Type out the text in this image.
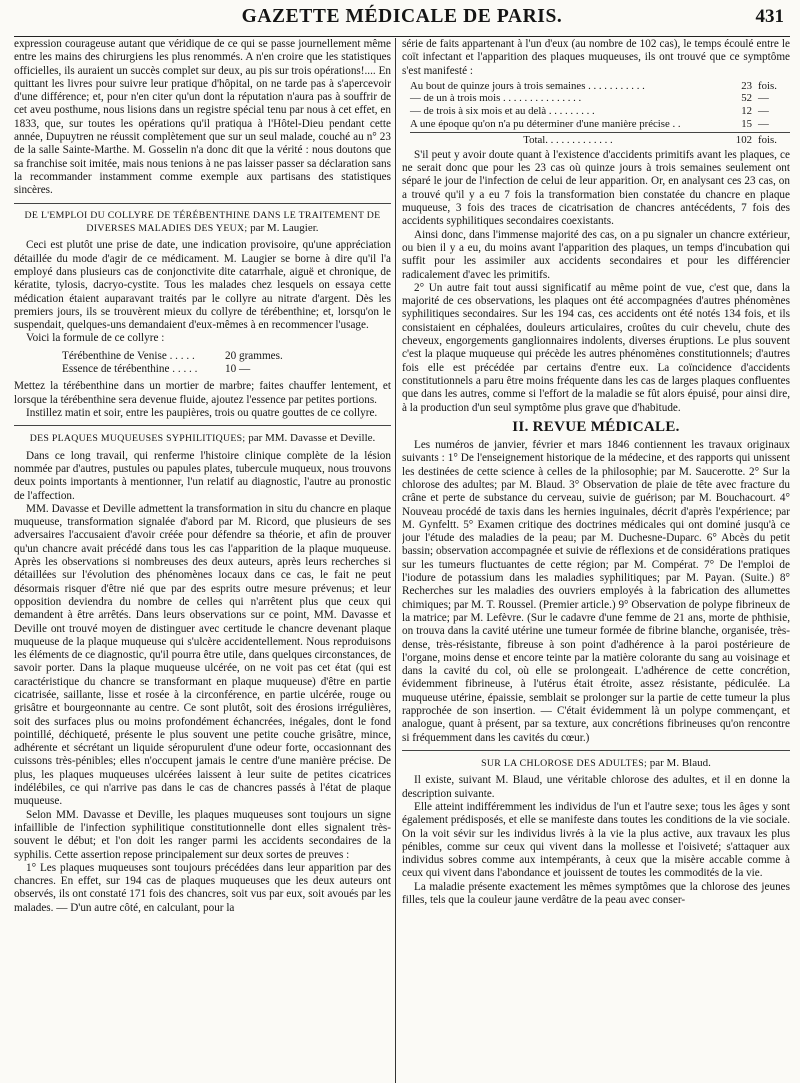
GAZETTE MÉDICALE DE PARIS.	431

expression courageuse autant que véridique de ce qui se passe journellement même entre les mains des chirurgiens les plus renommés. A n'en croire que les statistiques officielles, ils auraient un succès complet sur deux, au pis sur trois opérations!.... En quittant les livres pour suivre leur pratique d'hôpital, on ne tarde pas à s'apercevoir d'une différence; et, pour n'en citer qu'un dont la réputation n'aura pas à souffrir de cet aveu posthume, nous lisions dans un registre spécial tenu par nous à cet effet, en 1833, que, sur toutes les opérations qu'il pratiqua à l'Hôtel-Dieu pendant cette année, Dupuytren ne réussit complètement que sur un seul malade, couché au n° 23 de la salle Sainte-Marthe. M. Gosselin n'a donc dit que la vérité : nous doutons que sa franchise soit imitée, mais nous tenions à ne pas laisser passer sa déclaration sans la recommander instamment comme exemple aux partisans des statistiques sincères.

DE L'EMPLOI DU COLLYRE DE TÉRÉBENTHINE DANS LE TRAITEMENT DE DIVERSES MALADIES DES YEUX; par M. Laugier.

Ceci est plutôt une prise de date, une indication provisoire, qu'une appréciation détaillée du mode d'agir de ce médicament. M. Laugier se borne à dire qu'il l'a employé dans plusieurs cas de conjonctivite dite catarrhale, aiguë et chronique, de kératite, tylosis, dacryo-cystite. Tous les malades chez lesquels on essaya cette médication étaient auparavant traités par le collyre au nitrate d'argent. Dès les premiers jours, ils se trouvèrent mieux du collyre de térébenthine; et, lorsqu'on le suspendait, quelques-uns demandaient d'eux-mêmes à en recommencer l'usage.

Voici la formule de ce collyre :

Térébenthine de Venise . . . . .	20 grammes.
Essence de térébenthine . . . . .	10 —

Mettez la térébenthine dans un mortier de marbre; faites chauffer lentement, et lorsque la térébenthine sera devenue fluide, ajoutez l'essence par petites portions.

Instillez matin et soir, entre les paupières, trois ou quatre gouttes de ce collyre.

DES PLAQUES MUQUEUSES SYPHILITIQUES; par MM. Davasse et Deville.

Dans ce long travail, qui renferme l'histoire clinique complète de la lésion nommée par d'autres, pustules ou papules plates, tubercule muqueux, nous trouvons deux points importants à mentionner, l'un relatif au diagnostic, l'autre au pronostic de l'affection.

MM. Davasse et Deville admettent la transformation in situ du chancre en plaque muqueuse, transformation signalée d'abord par M. Ricord, que plusieurs de ses adversaires l'accusaient d'avoir créée pour défendre sa théorie, et afin de prouver qu'un chancre avait précédé dans tous les cas l'apparition de la plaque muqueuse. Après les observations si nombreuses des deux auteurs, après leurs recherches si détaillées sur l'évolution des phénomènes locaux dans ce cas, le fait ne peut désormais risquer d'être nié que par des esprits outre mesure prévenus; et leur opposition deviendra du nombre de celles qui n'arrêtent plus que ceux qui demandent à être arrêtés. Dans leurs observations sur ce point, MM. Davasse et Deville ont trouvé moyen de distinguer avec certitude le chancre devenant plaque muqueuse de la plaque muqueuse qui s'ulcère accidentellement. Nous reproduisons les éléments de ce diagnostic, qu'il pourra être utile, dans quelques circonstances, de savoir porter. Dans la plaque muqueuse ulcérée, on ne voit pas cet état (qui est caractéristique du chancre se transformant en plaque muqueuse) d'être en partie cicatrisée, saillante, lisse et rosée à la circonférence, en partie ulcérée, rouge ou grisâtre et bourgeonnante au centre. Ce sont plutôt, soit des érosions irrégulières, soit des surfaces plus ou moins profondément échancrées, inégales, dont le fond pointillé, déchiqueté, présente le plus souvent une petite couche grisâtre, mince, adhérente et sécrétant un liquide séropurulent d'une odeur forte, occasionnant des cuissons très-pénibles; elles n'occupent jamais le centre d'une manière précise. De plus, les plaques muqueuses ulcérées laissent à leur suite de petites cicatrices indélébiles, ce qui n'arrive pas dans le cas de chancres passés à l'état de plaque muqueuse.

Selon MM. Davasse et Deville, les plaques muqueuses sont toujours un signe infaillible de l'infection syphilitique constitutionnelle dont elles signalent très-souvent le début; et l'on doit les ranger parmi les accidents secondaires de la syphilis. Cette assertion repose principalement sur deux sortes de preuves :

1° Les plaques muqueuses sont toujours précédées dans leur apparition par des chancres. En effet, sur 194 cas de plaques muqueuses que les deux auteurs ont observés, ils ont constaté 171 fois des chancres, soit vus par eux, soit avoués par les malades. — D'un autre côté, en calculant, pour la

série de faits appartenant à l'un d'eux (au nombre de 102 cas), le temps écoulé entre le coït infectant et l'apparition des plaques muqueuses, ils ont trouvé que ce symptôme s'est manifesté :

Au bout de quinze jours à trois semaines . . . . . . . . . . .	23 fois.
— de un à trois mois . . . . . . . . . . . . . . .	52 —
— de trois à six mois et au delà . . . . . . . . .	12 —
A une époque qu'on n'a pu déterminer d'une manière précise . .	15 —
Total. . . . . . . . . . . . .	102 fois.

S'il peut y avoir doute quant à l'existence d'accidents primitifs avant les plaques, ce ne serait donc que pour les 23 cas où quinze jours à trois semaines seulement ont séparé le jour de l'infection de celui de leur apparition. Or, en analysant ces 23 cas, on a trouvé qu'il y a eu 7 fois la transformation bien constatée du chancre en plaque muqueuse, 3 fois des traces de cicatrisation de chancres antécédents, 7 fois des accidents syphilitiques secondaires coexistants.

Ainsi donc, dans l'immense majorité des cas, on a pu signaler un chancre extérieur, ou bien il y a eu, du moins avant l'apparition des plaques, un temps d'incubation qui suffit pour les assimiler aux accidents secondaires et pour les différencier radicalement d'avec les primitifs.

2° Un autre fait tout aussi significatif au même point de vue, c'est que, dans la majorité de ces observations, les plaques ont été accompagnées d'autres phénomènes syphilitiques secondaires. Sur les 194 cas, ces accidents ont été notés 134 fois, et ils consistaient en céphalées, douleurs articulaires, croûtes du cuir chevelu, chute des cheveux, engorgements ganglionnaires indolents, diverses éruptions. Le plus souvent c'est la plaque muqueuse qui précède les autres phénomènes constitutionnels; d'autres fois elle est précédée par certains d'entre eux. La coïncidence d'accidents constitutionnels a paru être moins fréquente dans les cas de larges plaques confluentes que dans les autres, comme si l'effort de la maladie se fût alors épuisé, pour ainsi dire, à la production d'un seul symptôme plus grave que d'habitude.

II. REVUE MÉDICALE.

Les numéros de janvier, février et mars 1846 contiennent les travaux originaux suivants : 1° De l'enseignement historique de la médecine, et des rapports qui unissent les destinées de cette science à celles de la philosophie; par M. Saucerotte. 2° Sur la chlorose des adultes; par M. Blaud. 3° Observation de plaie de tête avec fracture du crâne et perte de substance du cerveau, suivie de guérison; par M. Bouchacourt. 4° Nouveau procédé de taxis dans les hernies inguinales, décrit d'après l'expérience; par M. Gynfeltt. 5° Examen critique des doctrines médicales qui ont dominé jusqu'à ce jour l'étude des maladies de la peau; par M. Duchesne-Duparc. 6° Abcès du petit bassin; observation accompagnée et suivie de réflexions et de considérations pratiques sur les tumeurs fluctuantes de cette région; par M. Compérat. 7° De l'emploi de l'iodure de potassium dans les maladies syphilitiques; par M. Payan. (Suite.) 8° Recherches sur les maladies des ouvriers employés à la fabrication des allumettes chimiques; par M. T. Roussel. (Premier article.) 9° Observation de polype fibrineux de la matrice; par M. Lefèvre. (Sur le cadavre d'une femme de 21 ans, morte de phthisie, on trouva dans la cavité utérine une tumeur formée de fibrine blanche, organisée, très-dense, très-résistante, fibreuse à son point d'adhérence à la paroi postérieure de l'organe, moins dense et encore teinte par la matière colorante du sang au voisinage et dans la cavité du col, où elle se prolongeait. L'adhérence de cette concrétion, évidemment fibrineuse, à l'utérus était étroite, assez résistante, pédiculée. La muqueuse utérine, épaissie, semblait se prolonger sur la partie de cette tumeur la plus rapprochée de son insertion. — C'était évidemment là un polype commençant, et analogue, quant à présent, par sa texture, aux concrétions fibrineuses qu'on rencontre si fréquemment dans les cavités du cœur.)

SUR LA CHLOROSE DES ADULTES; par M. Blaud.

Il existe, suivant M. Blaud, une véritable chlorose des adultes, et il en donne la description suivante.

Elle atteint indifféremment les individus de l'un et l'autre sexe; tous les âges y sont également prédisposés, et elle se manifeste dans toutes les conditions de la vie sociale. On la voit sévir sur les individus livrés à la vie la plus active, aux travaux les plus pénibles, comme sur ceux qui vivent dans la mollesse et l'oisiveté; s'attaquer aux individus sobres comme aux intempérants, à ceux que la misère accable comme à ceux qui vivent dans l'abondance et jouissent de toutes les commodités de la vie.

La maladie présente exactement les mêmes symptômes que la chlorose des jeunes filles, tels que la couleur jaune verdâtre de la peau avec conser-
